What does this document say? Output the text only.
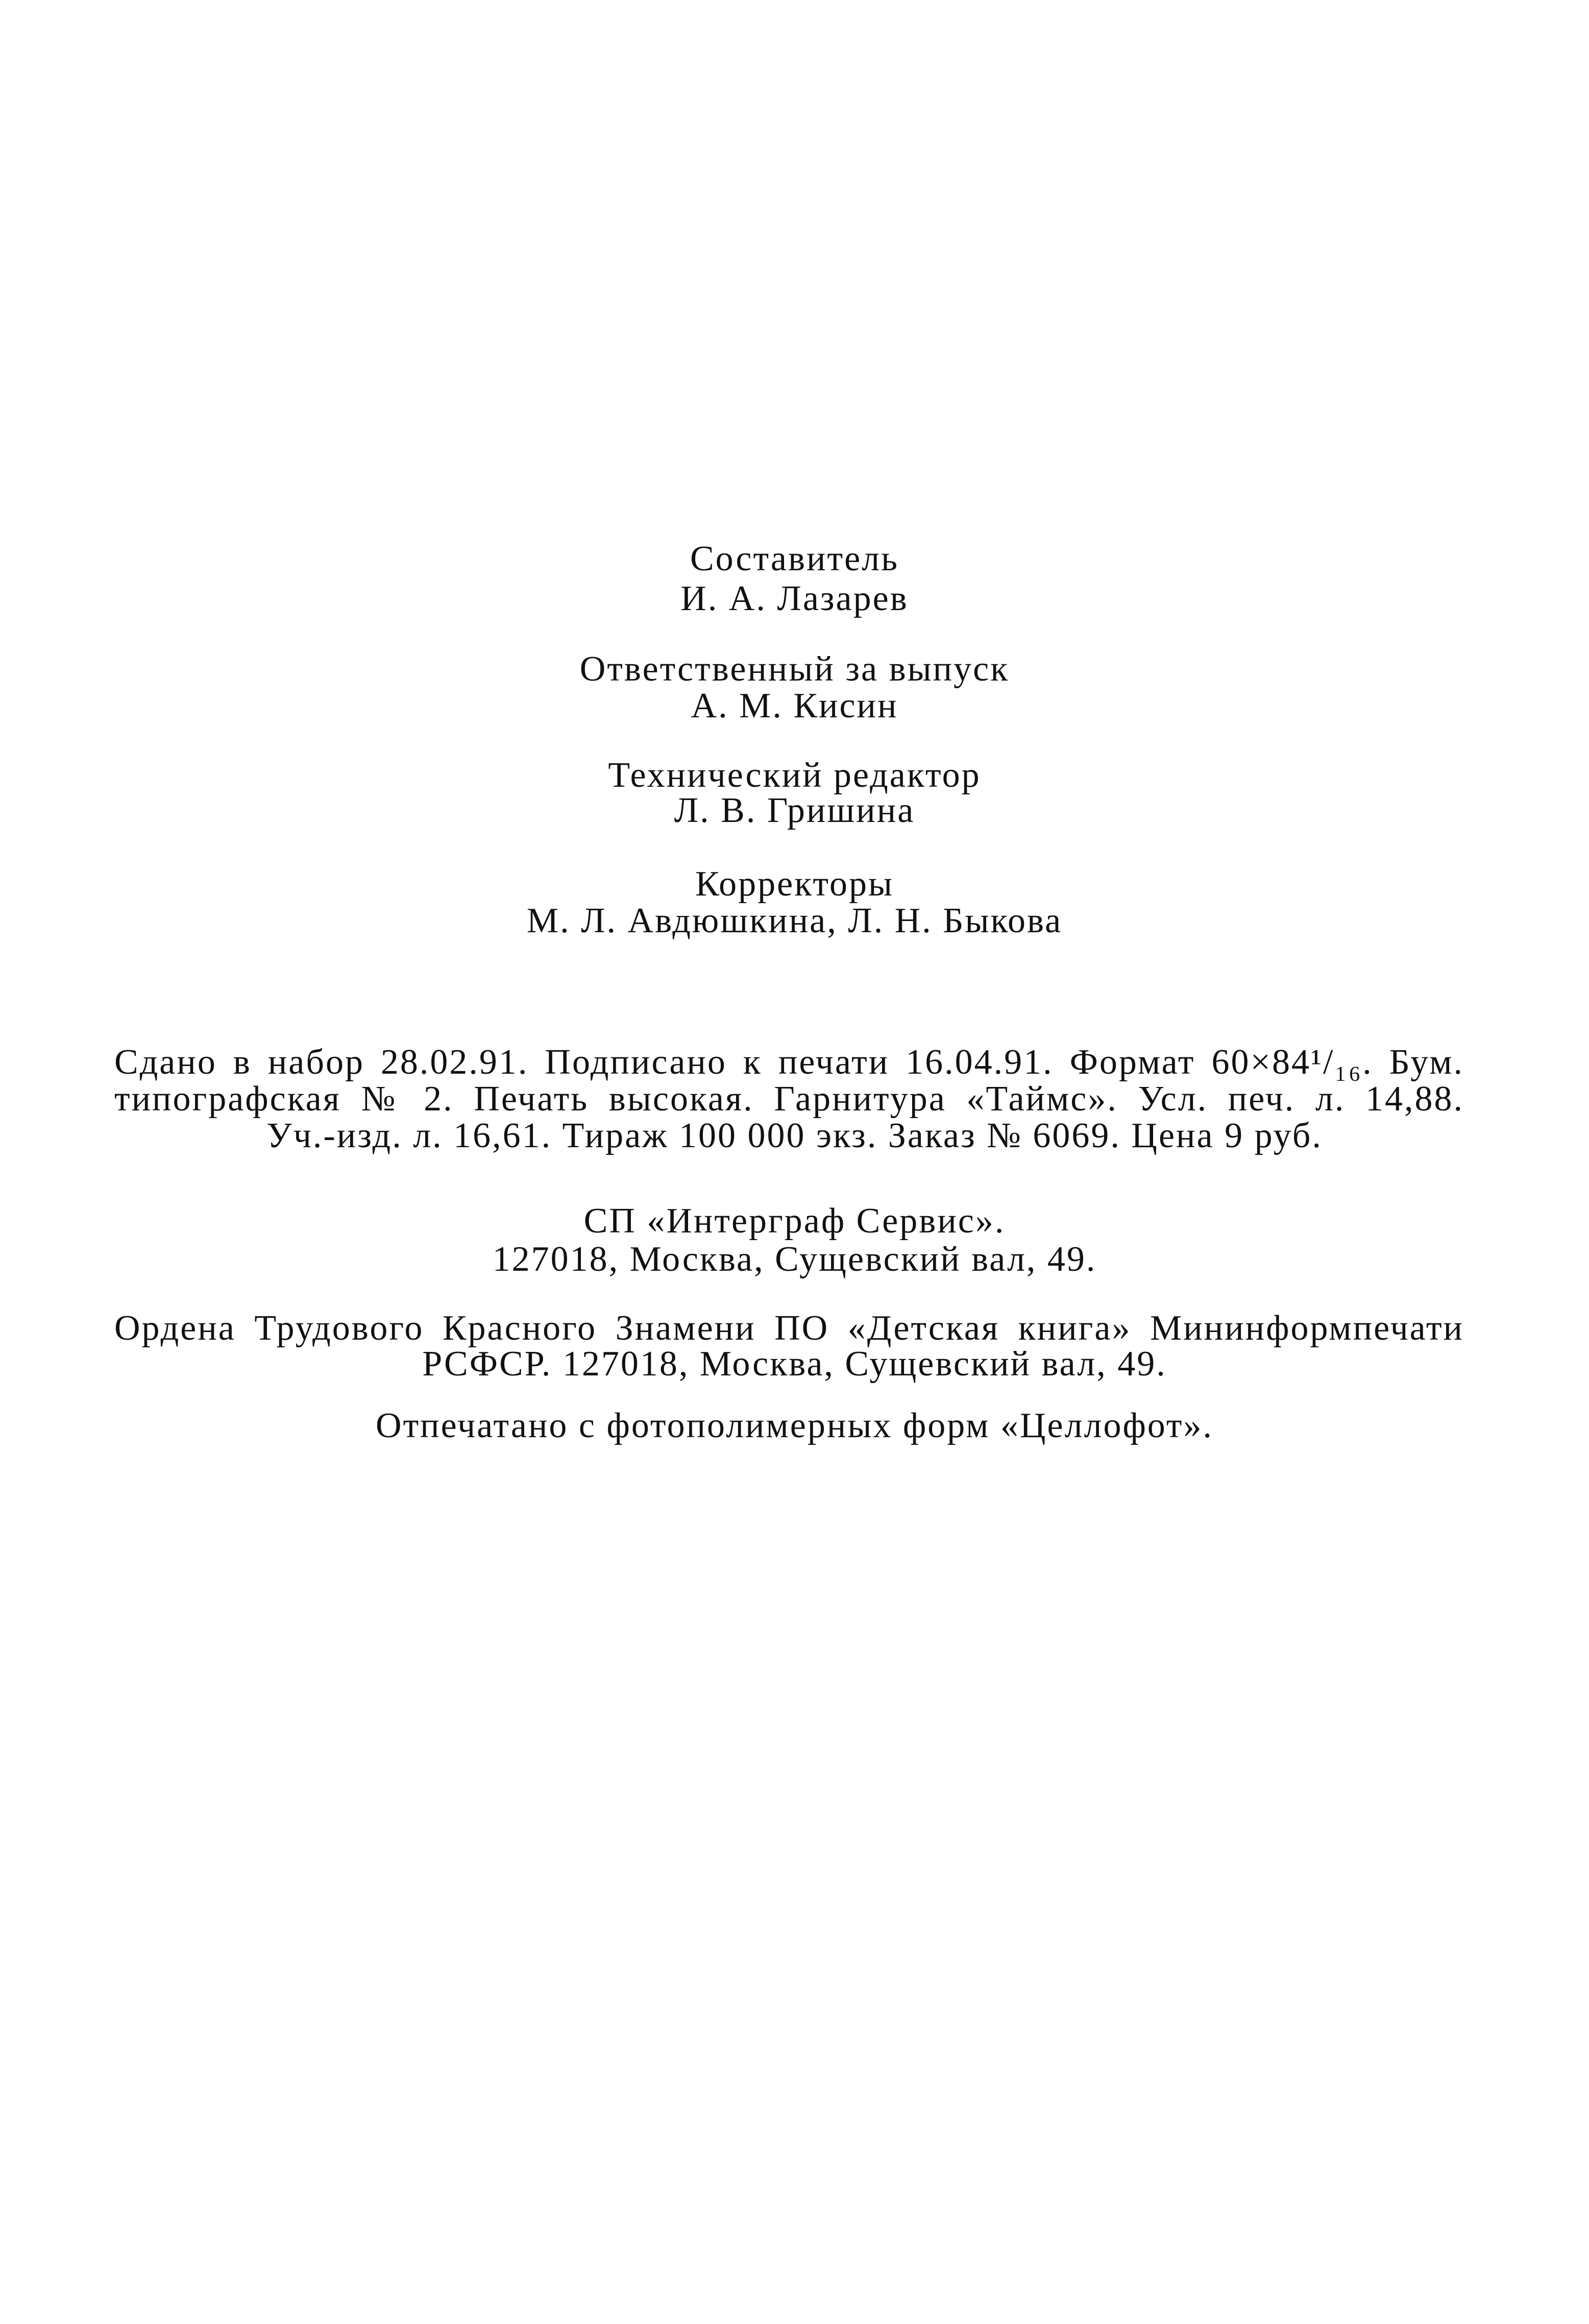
Составитель
И. А. Лазарев
Ответственный за выпуск
А. М. Кисин
Технический редактор
Л. В. Гришина
Корректоры
М. Л. Авдюшкина, Л. Н. Быкова
Сдано в набор 28.02.91. Подписано к печати 16.04.91. Формат 60×84¹/₁₆. Бум.
типографская № 2. Печать высокая. Гарнитура «Таймс». Усл. печ. л. 14,88.
Уч.-изд. л. 16,61. Тираж 100 000 экз. Заказ № 6069. Цена 9 руб.
СП «Интерграф Сервис».
127018, Москва, Сущевский вал, 49.
Ордена Трудового Красного Знамени ПО «Детская книга» Мининформпечати
РСФСР. 127018, Москва, Сущевский вал, 49.
Отпечатано с фотополимерных форм «Целлофот».
